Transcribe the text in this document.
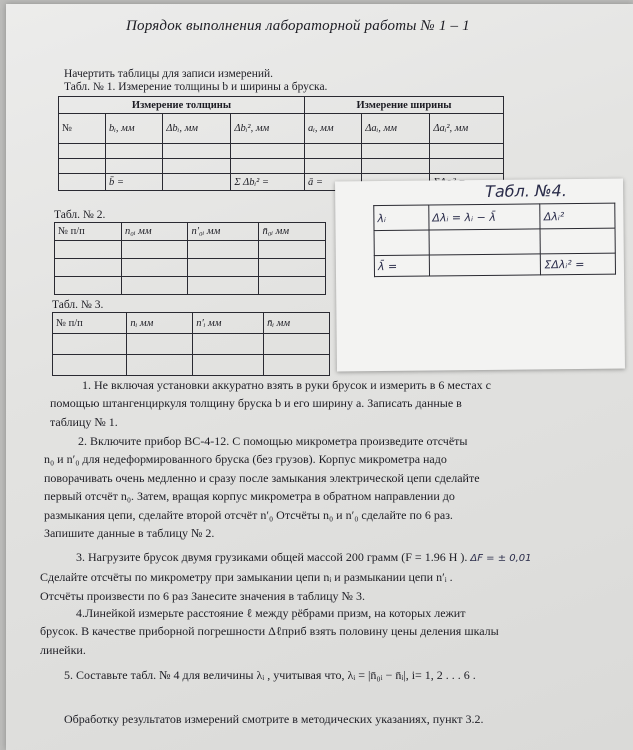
Порядок выполнения лабораторной работы № 1 – 1
Начертить таблицы для записи измерений.
Табл. № 1. Измерение толщины b и ширины a бруска.
Измерение толщины				Измерение ширины		
№	bᵢ, мм	Δbᵢ, мм	Δbᵢ², мм	aᵢ, мм	Δaᵢ, мм	Δaᵢ², мм

	b̄ =		Σ Δbᵢ² =	ā =		
Табл. № 2.
№ п/п	n₀ᵢ мм	n′₀ᵢ мм	n̄₀ᵢ мм

Табл. № 3.
№ п/п	nᵢ мм	n′ᵢ мм	n̄ᵢ мм

Табл. №4.
λᵢ	Δλᵢ = λᵢ − λ̄	Δλᵢ²

λ̄ =		ΣΔλᵢ² =
1. Не включая установки аккуратно взять в руки брусок и измерить в 6 местах с
помощью штангенциркуля толщину бруска b и его ширину a. Записать данные в
таблицу № 1.
2. Включите прибор ВС-4-12. С помощью микрометра произведите отсчёты
n₀ и n′₀ для недеформированного бруска (без грузов). Корпус микрометра надо
поворачивать очень медленно и сразу после замыкания электрической цепи сделайте
первый отсчёт n₀. Затем, вращая корпус микрометра в обратном направлении до
размыкания цепи, сделайте второй отсчёт n′₀ Отсчёты n₀ и n′₀ сделайте по 6 раз.
Запишите данные в таблицу № 2.
3. Нагрузите брусок двумя грузиками общей массой 200 грамм (F = 1.96 H ). ΔF = ± 0,01
Сделайте отсчёты по микрометру при замыкании цепи nᵢ и размыкании цепи n′ᵢ .
Отсчёты произвести по 6 раз Занесите значения в таблицу № 3.
4.Линейкой измерьте расстояние ℓ между рёбрами призм, на которых лежит
брусок. В качестве приборной погрешности Δℓприб взять половину цены деления шкалы
линейки.
5. Составьте табл. № 4 для величины λᵢ , учитывая что, λᵢ = |n̄₀ᵢ − n̄ᵢ|, i= 1, 2 . . . 6 .
Обработку результатов измерений смотрите в методических указаниях, пункт 3.2.
